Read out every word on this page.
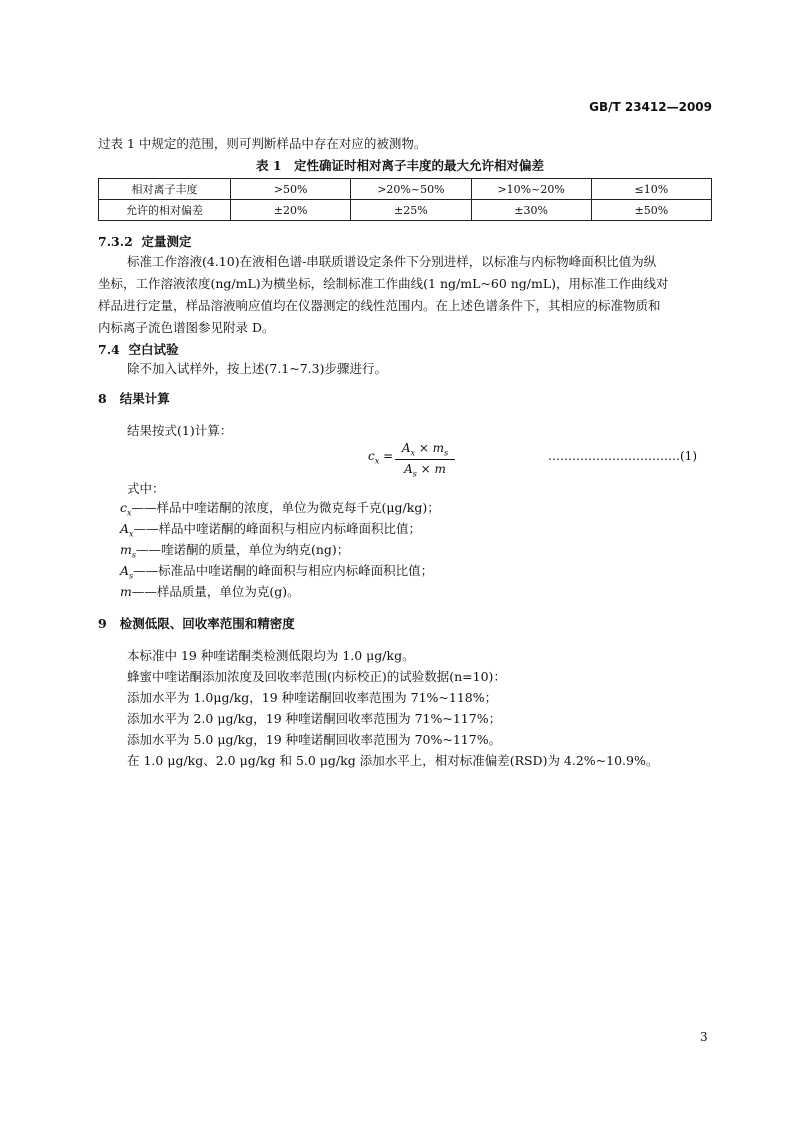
GB/T 23412—2009
过表 1 中规定的范围，则可判断样品中存在对应的被测物。
表 1　定性确证时相对离子丰度的最大允许相对偏差
相对离子丰度	>50%	>20%~50%	>10%~20%	≤10%
允许的相对偏差	±20%	±25%	±30%	±50%
7.3.2 定量测定
标准工作溶液(4.10)在液相色谱-串联质谱设定条件下分别进样，以标准与内标物峰面积比值为纵
坐标，工作溶液浓度(ng/mL)为横坐标，绘制标准工作曲线(1 ng/mL~60 ng/mL)，用标准工作曲线对
样品进行定量，样品溶液响应值均在仪器测定的线性范围内。在上述色谱条件下，其相应的标准物质和
内标离子流色谱图参见附录 D。
7.4 空白试验
除不加入试样外，按上述(7.1~7.3)步骤进行。
8 结果计算
结果按式(1)计算：
$c_x = \frac{A_x \times m_s}{A_s \times m}$	……………………………(1)
式中：
$c_x——$样品中喹诺酮的浓度，单位为微克每千克(μg/kg)；
$A_x——$样品中喹诺酮的峰面积与相应内标峰面积比值；
$m_s——$喹诺酮的质量，单位为纳克(ng)；
$A_s——$标准品中喹诺酮的峰面积与相应内标峰面积比值；
m——样品质量，单位为克(g)。
9 检测低限、回收率范围和精密度
本标准中 19 种喹诺酮类检测低限均为 1.0 μg/kg。
蜂蜜中喹诺酮添加浓度及回收率范围(内标校正)的试验数据(n=10)：
添加水平为 1.0μg/kg，19 种喹诺酮回收率范围为 71%~118%；
添加水平为 2.0 μg/kg，19 种喹诺酮回收率范围为 71%~117%；
添加水平为 5.0 μg/kg，19 种喹诺酮回收率范围为 70%~117%。
在 1.0 μg/kg、2.0 μg/kg 和 5.0 μg/kg 添加水平上，相对标准偏差(RSD)为 4.2%~10.9%。
3
